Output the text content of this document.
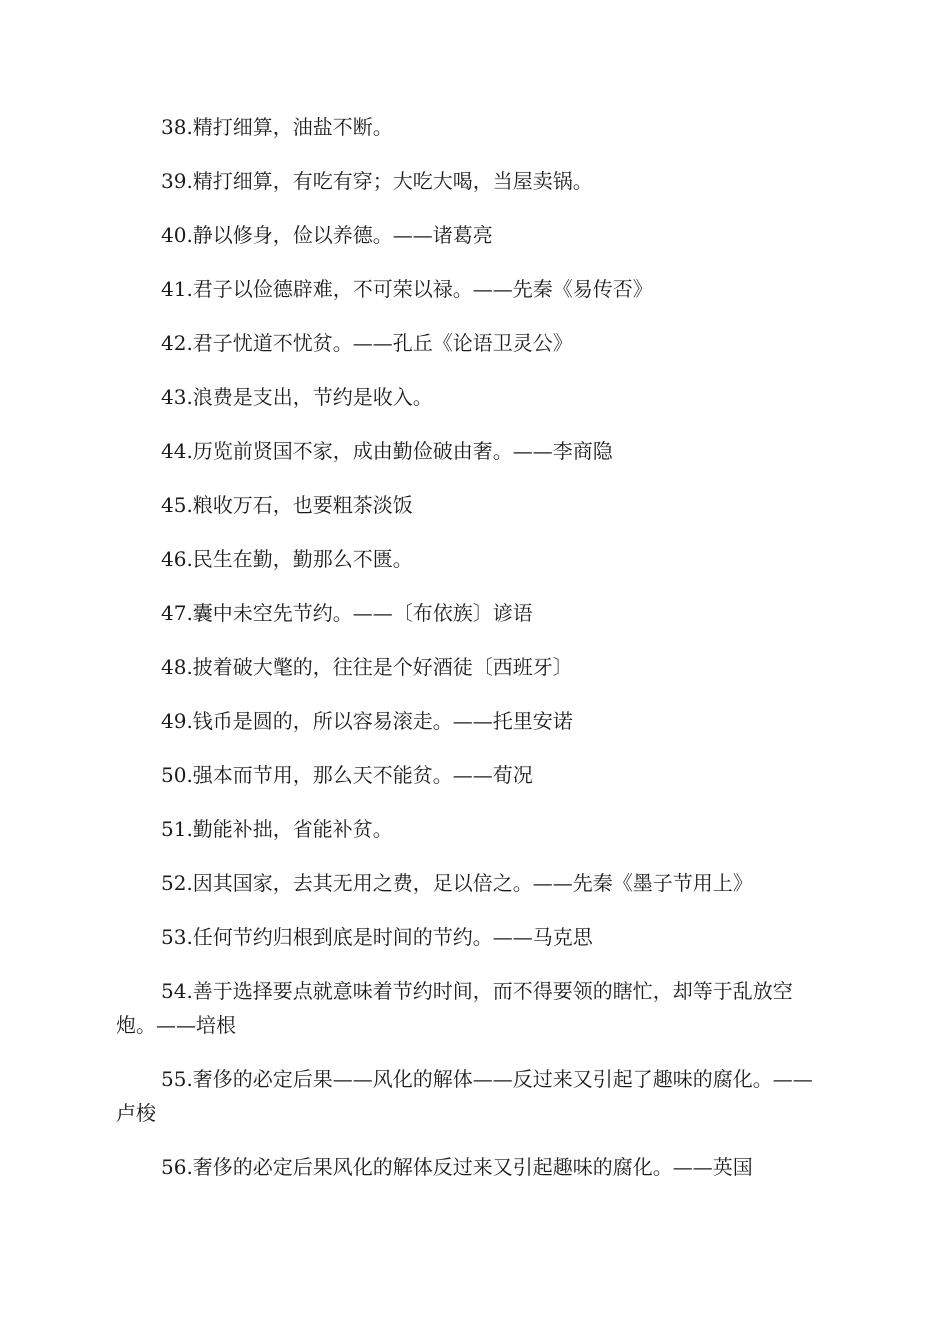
38.精打细算，油盐不断。

39.精打细算，有吃有穿；大吃大喝，当屋卖锅。

40.静以修身，俭以养德。——诸葛亮

41.君子以俭德辟难，不可荣以禄。——先秦《易传否》

42.君子忧道不忧贫。——孔丘《论语卫灵公》

43.浪费是支出，节约是收入。

44.历览前贤国不家，成由勤俭破由奢。——李商隐

45.粮收万石，也要粗茶淡饭

46.民生在勤，勤那么不匮。

47.囊中未空先节约。——〔布依族〕谚语

48.披着破大氅的，往往是个好酒徒〔西班牙〕

49.钱币是圆的，所以容易滚走。——托里安诺

50.强本而节用，那么天不能贫。——荀况

51.勤能补拙，省能补贫。

52.因其国家，去其无用之费，足以倍之。——先秦《墨子节用上》

53.任何节约归根到底是时间的节约。——马克思

54.善于选择要点就意味着节约时间，而不得要领的瞎忙，却等于乱放空炮。——培根

55.奢侈的必定后果——风化的解体——反过来又引起了趣味的腐化。——卢梭

56.奢侈的必定后果风化的解体反过来又引起趣味的腐化。——英国
